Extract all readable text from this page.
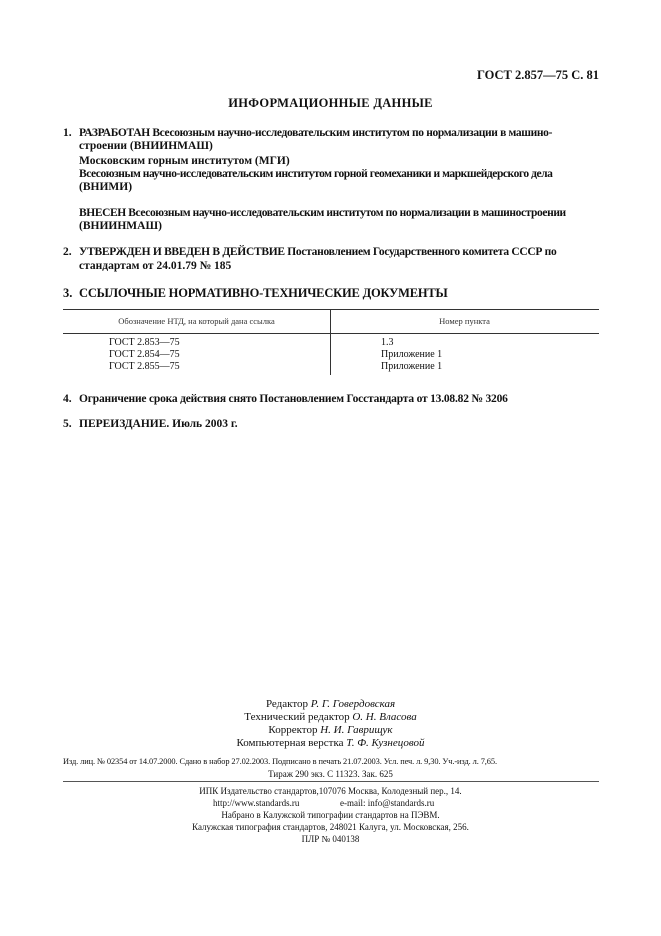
ГОСТ 2.857—75 С. 81
ИНФОРМАЦИОННЫЕ ДАННЫЕ
1. РАЗРАБОТАН Всесоюзным научно-исследовательским институтом по нормализации в машино-
строении (ВНИИНМАШ)
Московским горным институтом (МГИ)
Всесоюзным научно-исследовательским институтом горной геомеханики и маркшейдерского дела
(ВНИМИ)
ВНЕСЕН Всесоюзным научно-исследовательским институтом по нормализации в машиностроении
(ВНИИНМАШ)
2. УТВЕРЖДЕН И ВВЕДЕН В ДЕЙСТВИЕ Постановлением Государственного комитета СССР по
стандартам от 24.01.79 № 185
3. ССЫЛОЧНЫЕ НОРМАТИВНО-ТЕХНИЧЕСКИЕ ДОКУМЕНТЫ
Обозначение НТД, на который дана ссылка	Номер пункта
ГОСТ 2.853—75	1.3
ГОСТ 2.854—75	Приложение 1
ГОСТ 2.855—75	Приложение 1
4. Ограничение срока действия снято Постановлением Госстандарта от 13.08.82 № 3206
5. ПЕРЕИЗДАНИЕ. Июль 2003 г.
Редактор Р. Г. Говердовская
Технический редактор О. Н. Власова
Корректор Н. И. Гаврищук
Компьютерная верстка Т. Ф. Кузнецовой
Изд. лиц. № 02354 от 14.07.2000. Сдано в набор 27.02.2003. Подписано в печать 21.07.2003. Усл. печ. л. 9,30. Уч.-изд. л. 7,65.
Тираж 290 экз. С 11323. Зак. 625
ИПК Издательство стандартов,107076 Москва, Колодезный пер., 14.
http://www.standards.ru	e-mail: info@standards.ru
Набрано в Калужской типографии стандартов на ПЭВМ.
Калужская типография стандартов, 248021 Калуга, ул. Московская, 256.
ПЛР № 040138
